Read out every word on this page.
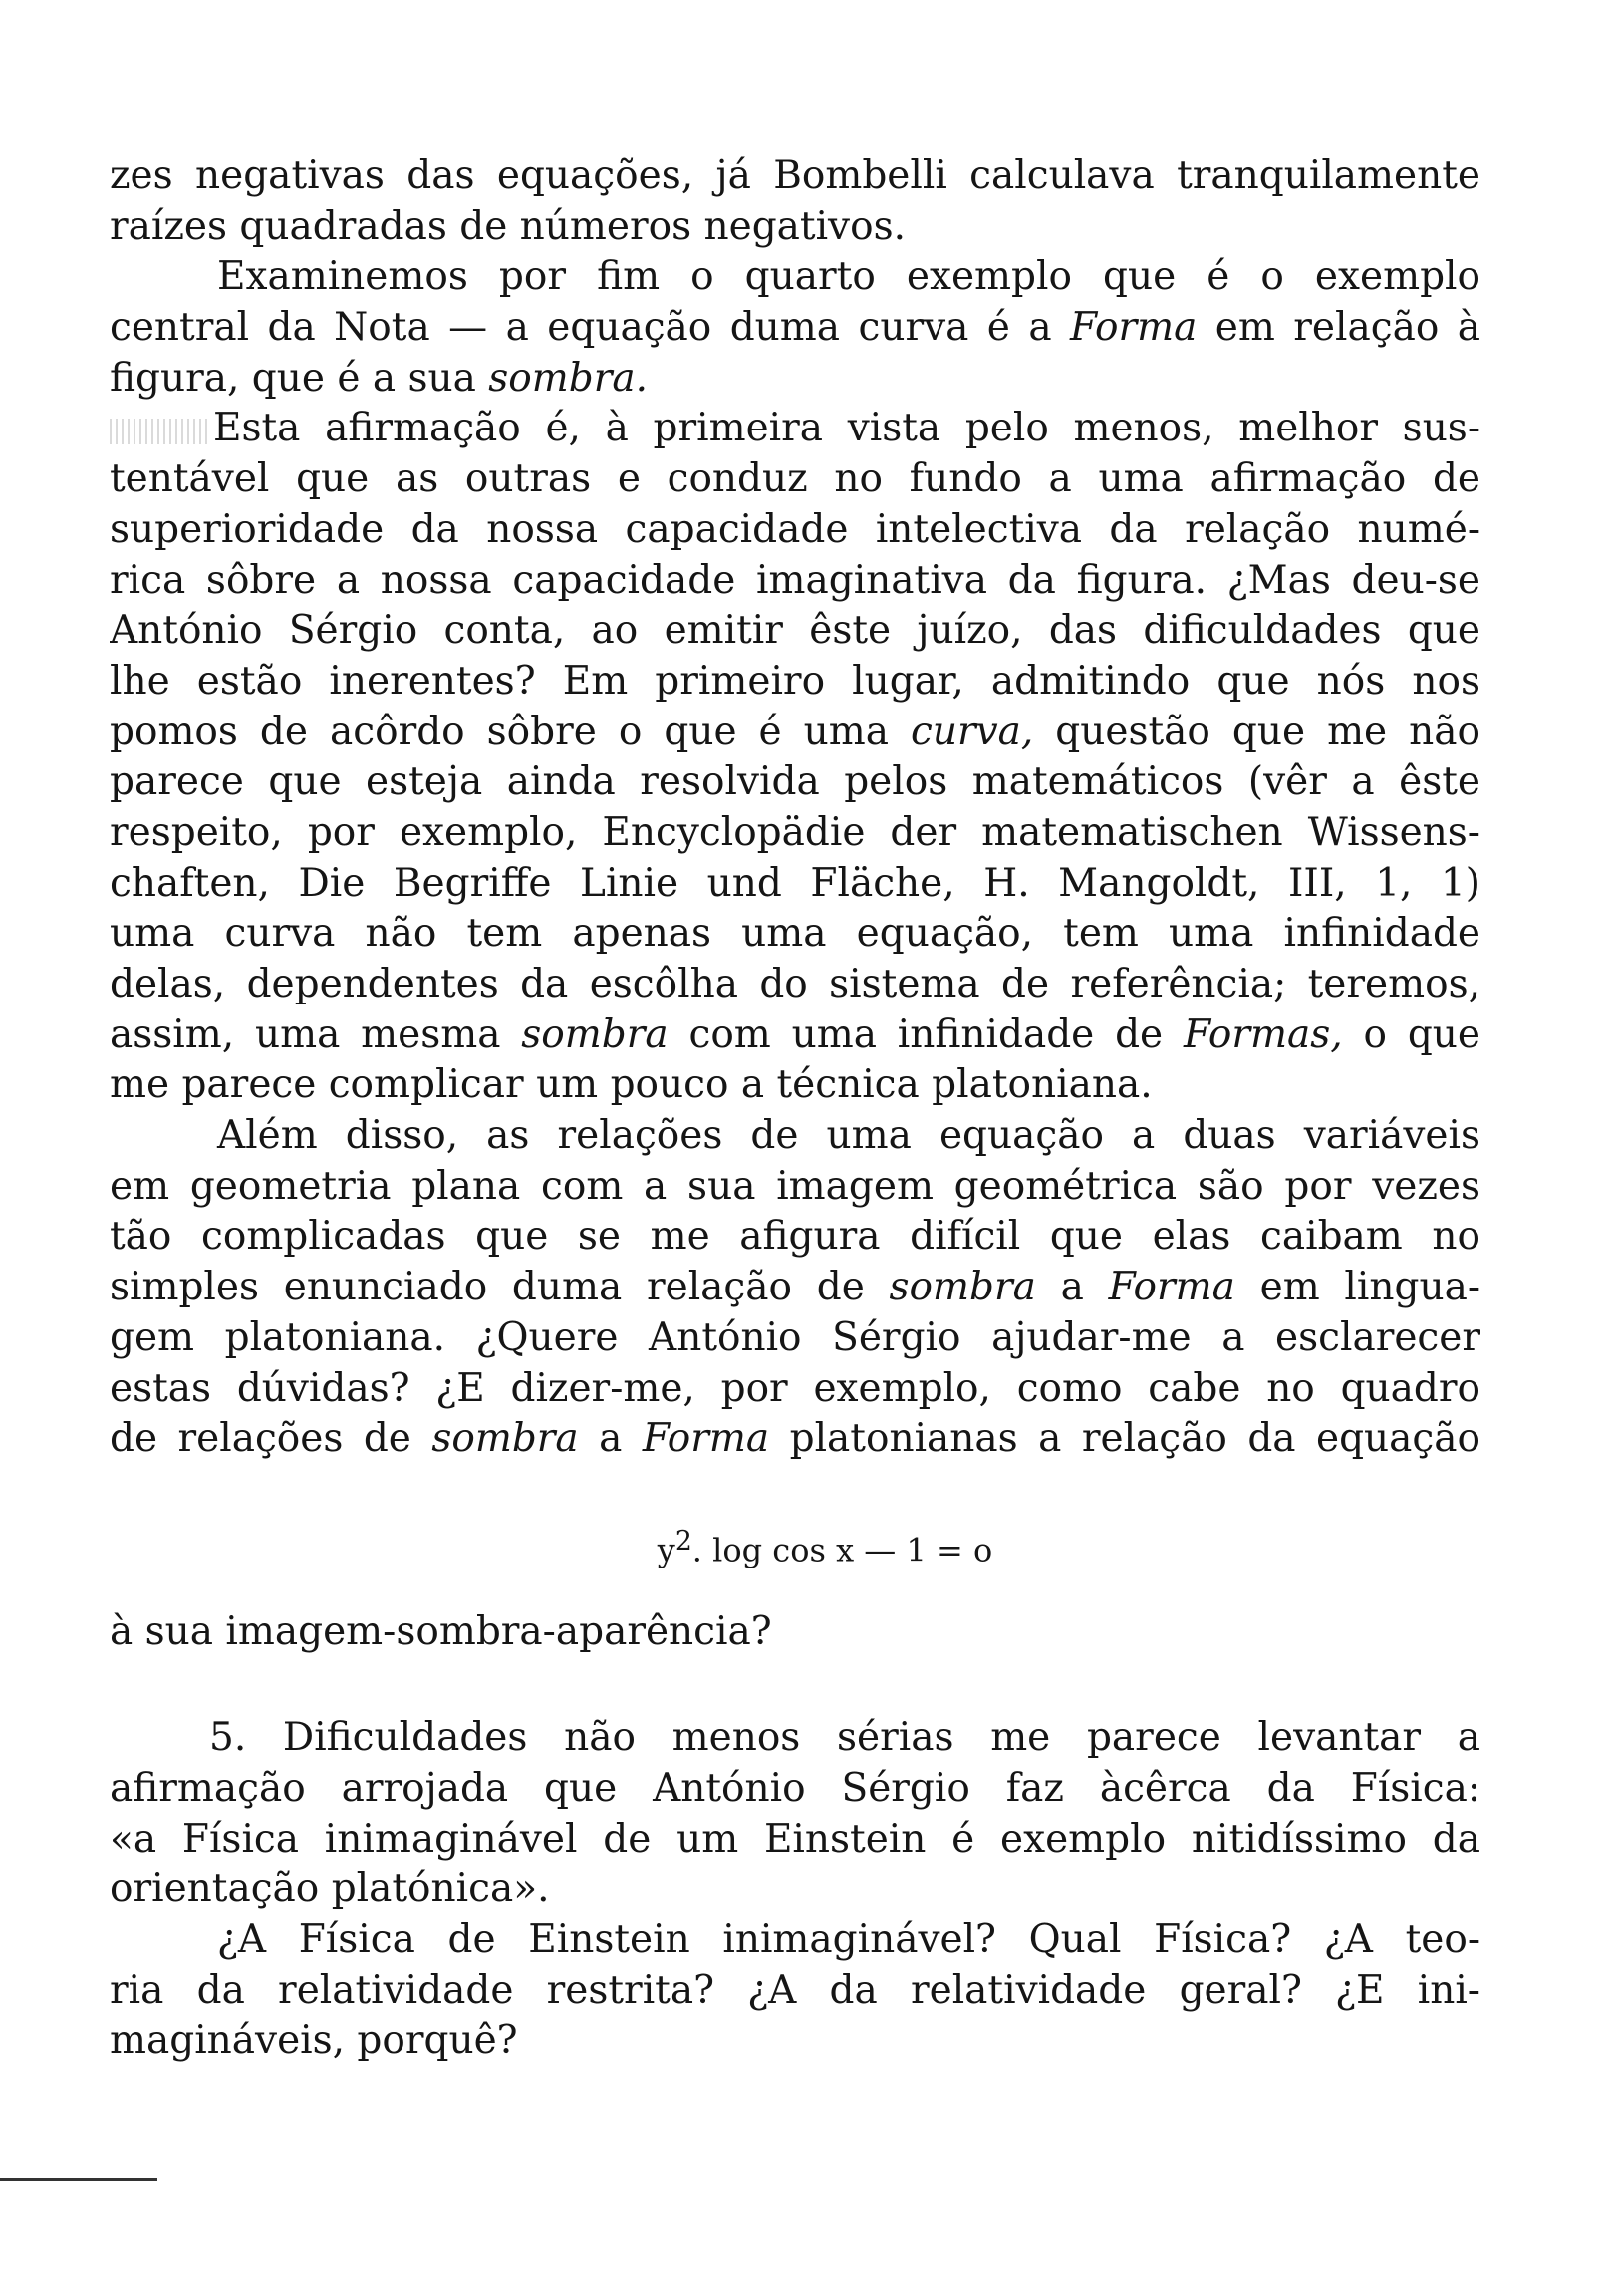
zes negativas das equações, já Bombelli calculava tranquilamente
raízes quadradas de números negativos.
Examinemos por fim o quarto exemplo que é o exemplo
central da Nota — a equação duma curva é a Forma em relação à
figura, que é a sua sombra.
Esta afirmação é, à primeira vista pelo menos, melhor sus-
tentável que as outras e conduz no fundo a uma afirmação de
superioridade da nossa capacidade intelectiva da relação numé-
rica sôbre a nossa capacidade imaginativa da figura. ¿Mas deu-se
António Sérgio conta, ao emitir êste juízo, das dificuldades que
lhe estão inerentes? Em primeiro lugar, admitindo que nós nos
pomos de acôrdo sôbre o que é uma curva, questão que me não
parece que esteja ainda resolvida pelos matemáticos (vêr a êste
respeito, por exemplo, Encyclopädie der matematischen Wissens-
chaften, Die Begriffe Linie und Fläche, H. Mangoldt, III, 1, 1)
uma curva não tem apenas uma equação, tem uma infinidade
delas, dependentes da escôlha do sistema de referência; teremos,
assim, uma mesma sombra com uma infinidade de Formas, o que
me parece complicar um pouco a técnica platoniana.
Além disso, as relações de uma equação a duas variáveis
em geometria plana com a sua imagem geométrica são por vezes
tão complicadas que se me afigura difícil que elas caibam no
simples enunciado duma relação de sombra a Forma em lingua-
gem platoniana. ¿Quere António Sérgio ajudar-me a esclarecer
estas dúvidas? ¿E dizer-me, por exemplo, como cabe no quadro
de relações de sombra a Forma platonianas a relação da equação
$y^2$. log cos x — 1 = o
à sua imagem-sombra-aparência?
5. Dificuldades não menos sérias me parece levantar a
afirmação arrojada que António Sérgio faz àcêrca da Física:
«a Física inimaginável de um Einstein é exemplo nitidíssimo da
orientação platónica».
¿A Física de Einstein inimaginável? Qual Física? ¿A teo-
ria da relatividade restrita? ¿A da relatividade geral? ¿E ini-
magináveis, porquê?
